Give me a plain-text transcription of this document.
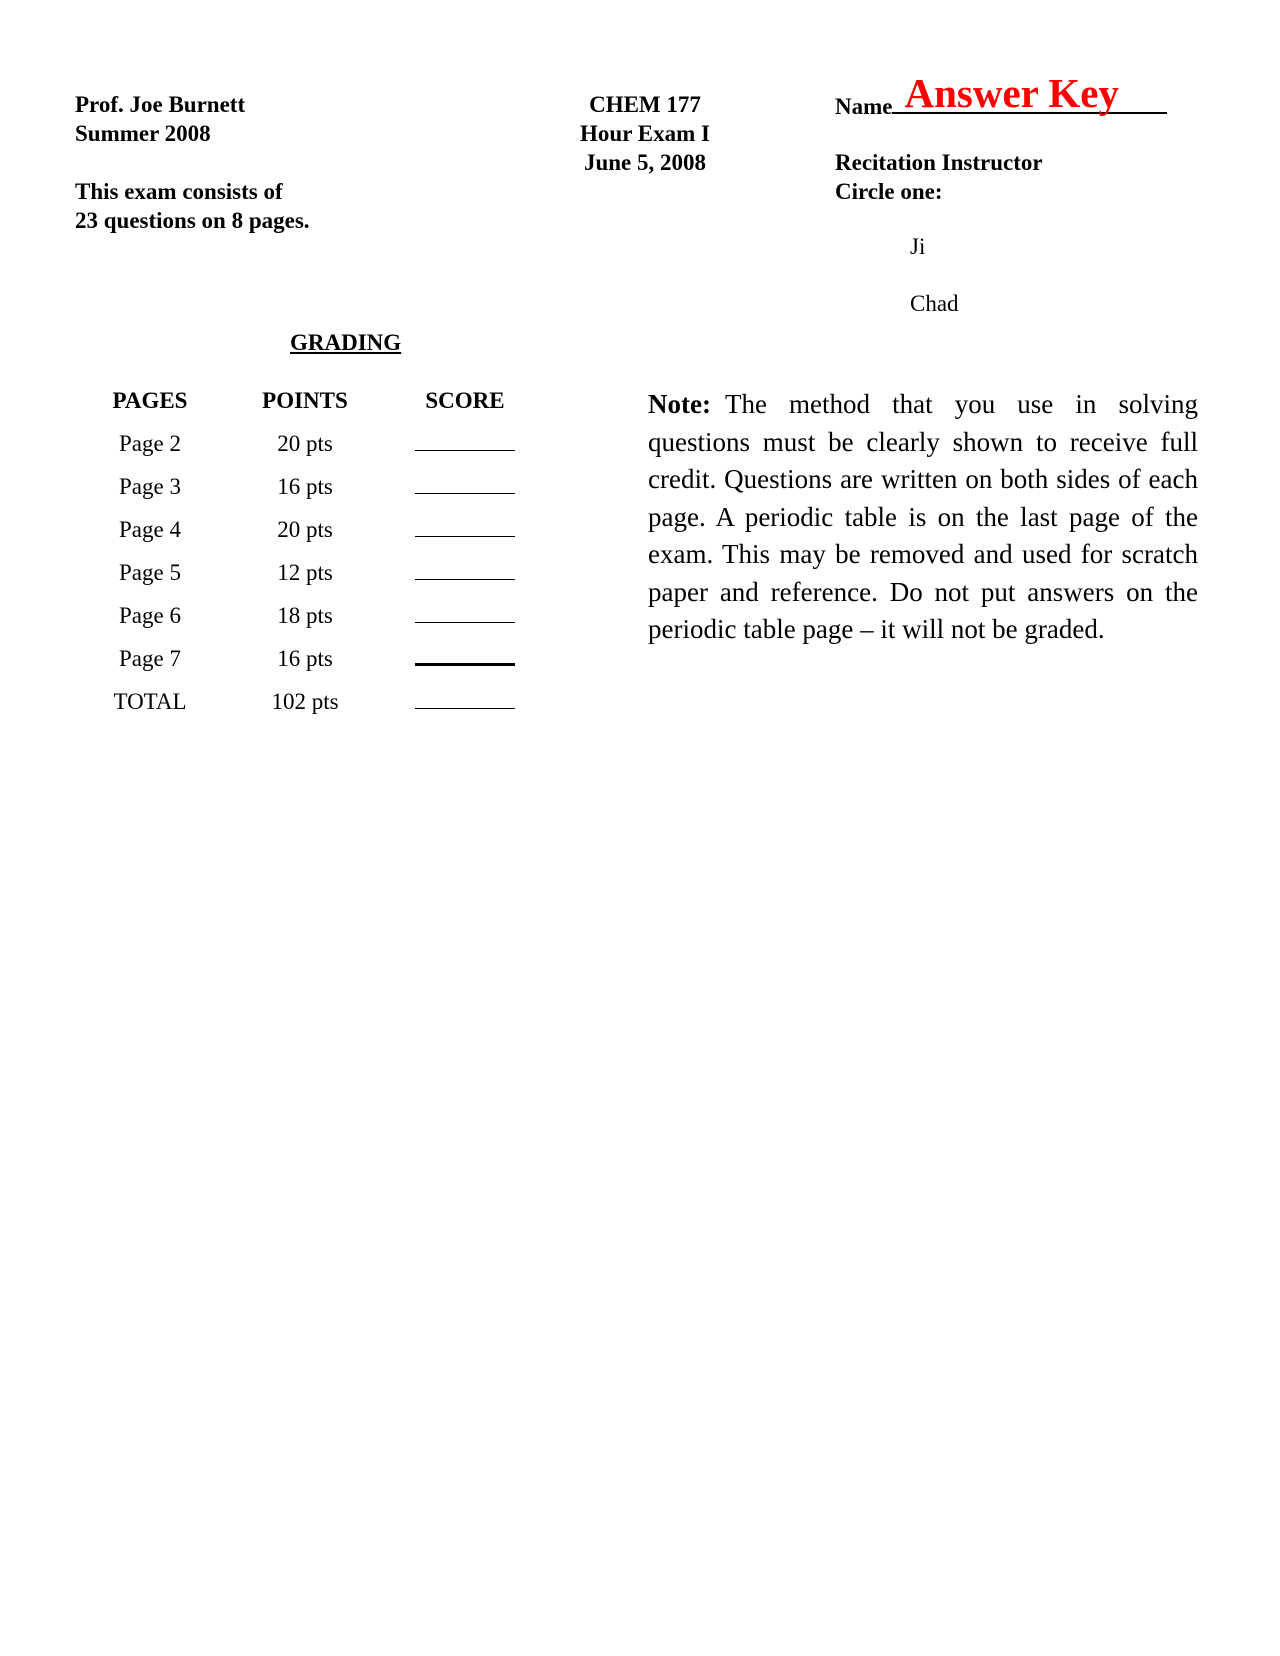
Prof. Joe Burnett
Summer 2008
This exam consists of
23 questions on 8 pages.
CHEM 177
Hour Exam I
June 5, 2008
Name Answer Key
Recitation Instructor
Circle one:
Ji
Chad
GRADING
PAGES	POINTS	SCORE
Page 2	20 pts	
Page 3	16 pts	
Page 4	20 pts	
Page 5	12 pts	
Page 6	18 pts	
Page 7	16 pts	
TOTAL	102 pts	
Note: The method that you use in solving questions must be clearly shown to receive full credit. Questions are written on both sides of each page. A periodic table is on the last page of the exam. This may be removed and used for scratch paper and reference. Do not put answers on the periodic table page – it will not be graded.
